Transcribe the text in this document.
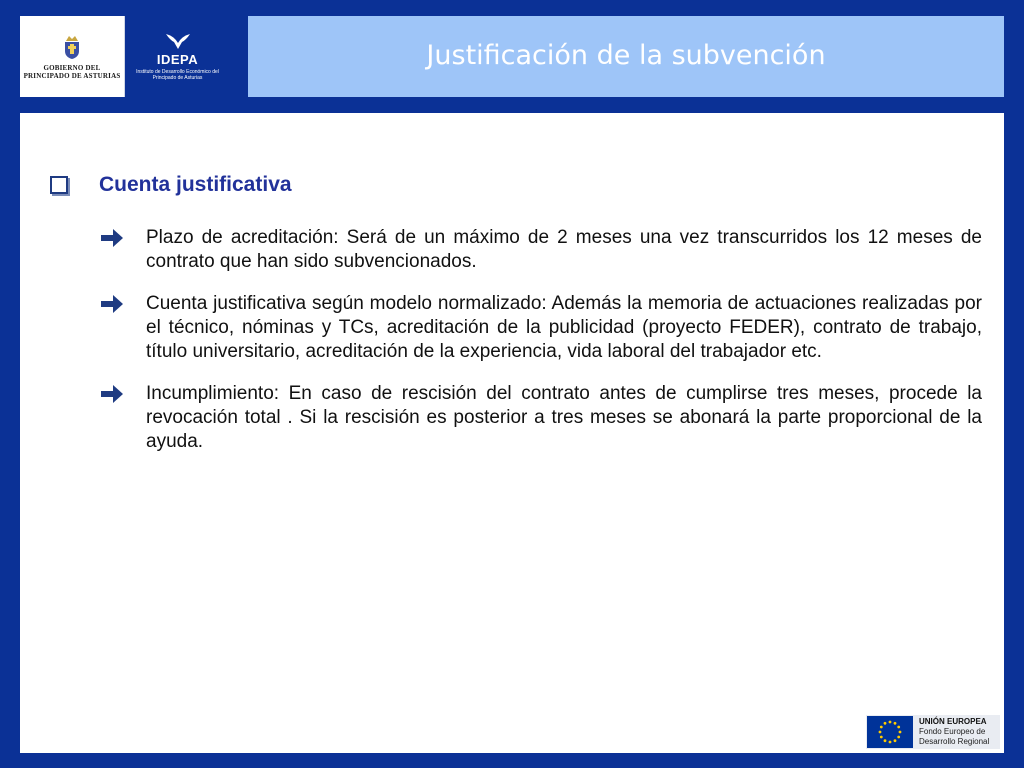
GOBIERNO DEL PRINCIPADO DE ASTURIAS
IDEPA
Instituto de Desarrollo Económico del Principado de Asturias
Justificación de la subvención
Cuenta justificativa
Plazo de acreditación: Será de un máximo de 2 meses una vez transcurridos los 12 meses de contrato que han sido subvencionados.
Cuenta justificativa según modelo normalizado: Además la memoria de actuaciones realizadas por el técnico, nóminas y TCs, acreditación de la publicidad (proyecto FEDER), contrato de trabajo, título universitario, acreditación de la experiencia, vida laboral del trabajador etc.
Incumplimiento: En caso de rescisión del contrato antes de cumplirse tres meses, procede la revocación total . Si la rescisión es posterior a tres meses se abonará la parte proporcional de la ayuda.
UNIÓN EUROPEA
Fondo Europeo de
Desarrollo Regional
